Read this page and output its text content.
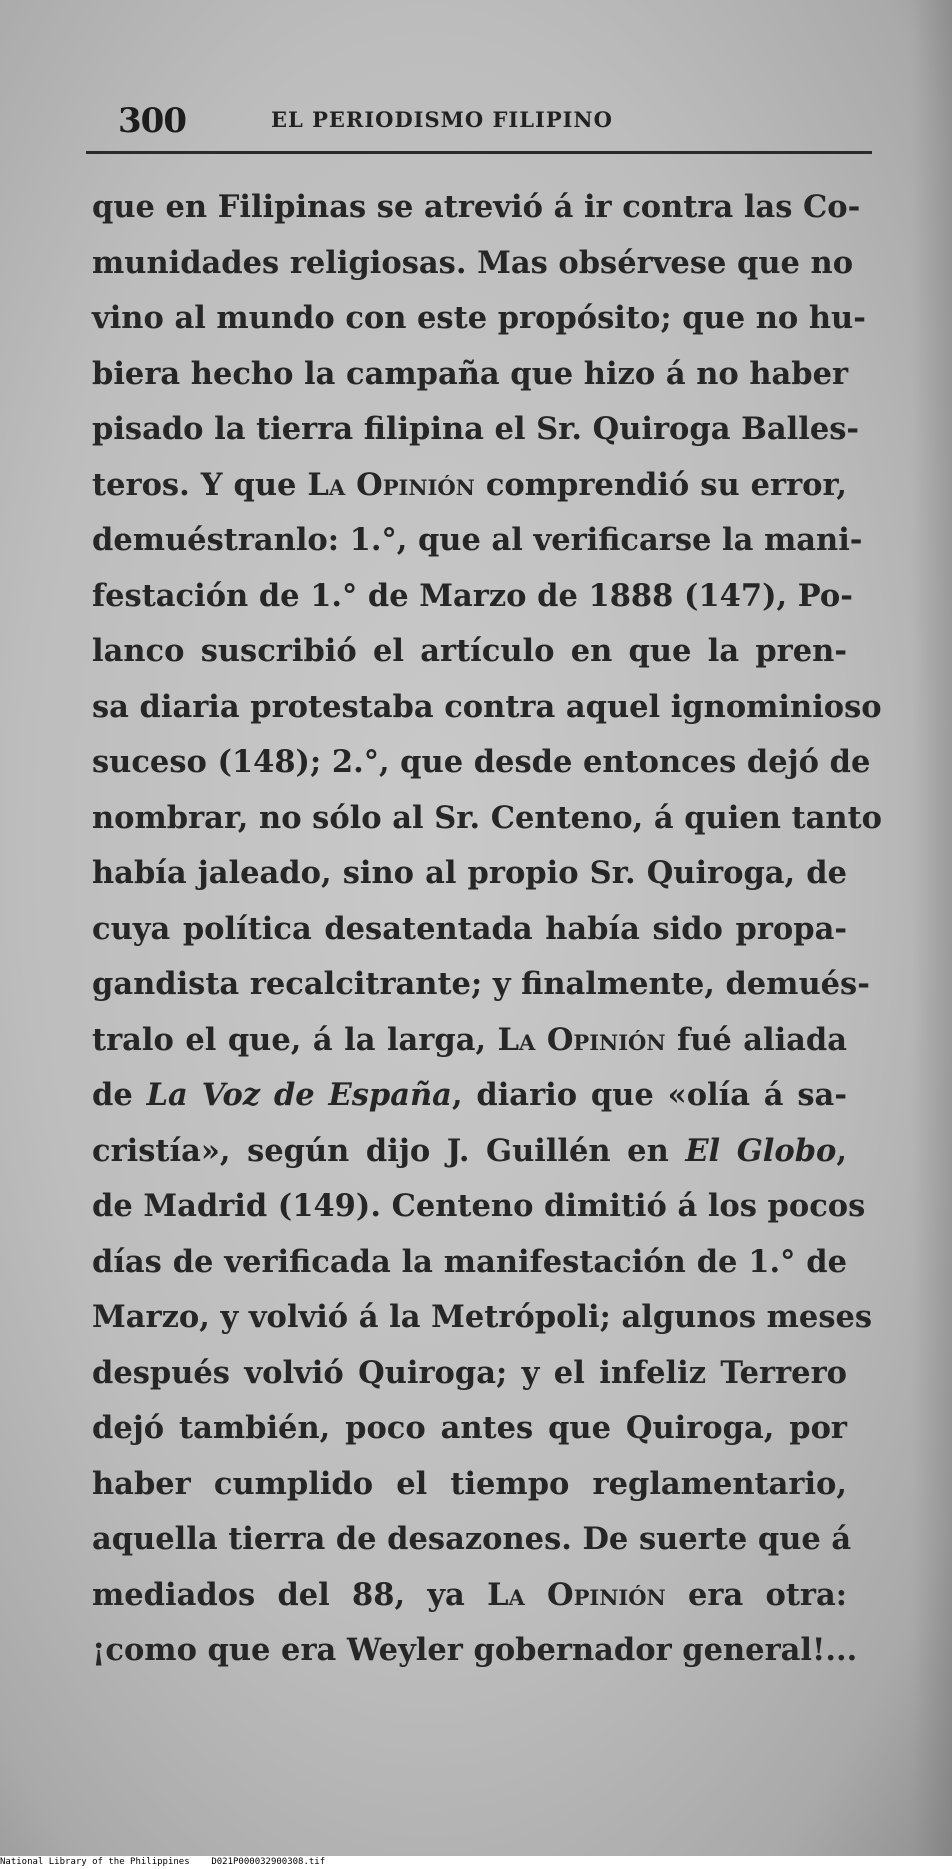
300	EL PERIODISMO FILIPINO
que en Filipinas se atrevió á ir contra las Co-
munidades religiosas. Mas obsérvese que no
vino al mundo con este propósito; que no hu-
biera hecho la campaña que hizo á no haber
pisado la tierra filipina el Sr. Quiroga Balles-
teros. Y que La Opinión comprendió su error,
demuéstranlo: 1.°, que al verificarse la mani-
festación de 1.° de Marzo de 1888 (147), Po-
lanco suscribió el artículo en que la pren-
sa diaria protestaba contra aquel ignominioso
suceso (148); 2.°, que desde entonces dejó de
nombrar, no sólo al Sr. Centeno, á quien tanto
había jaleado, sino al propio Sr. Quiroga, de
cuya política desatentada había sido propa-
gandista recalcitrante; y finalmente, demués-
tralo el que, á la larga, La Opinión fué aliada
de La Voz de España, diario que «olía á sa-
cristía», según dijo J. Guillén en El Globo,
de Madrid (149). Centeno dimitió á los pocos
días de verificada la manifestación de 1.° de
Marzo, y volvió á la Metrópoli; algunos meses
después volvió Quiroga; y el infeliz Terrero
dejó también, poco antes que Quiroga, por
haber cumplido el tiempo reglamentario,
aquella tierra de desazones. De suerte que á
mediados del 88, ya La Opinión era otra:
¡como que era Weyler gobernador general!...
National Library of the Philippines D021P000032900308.tif
